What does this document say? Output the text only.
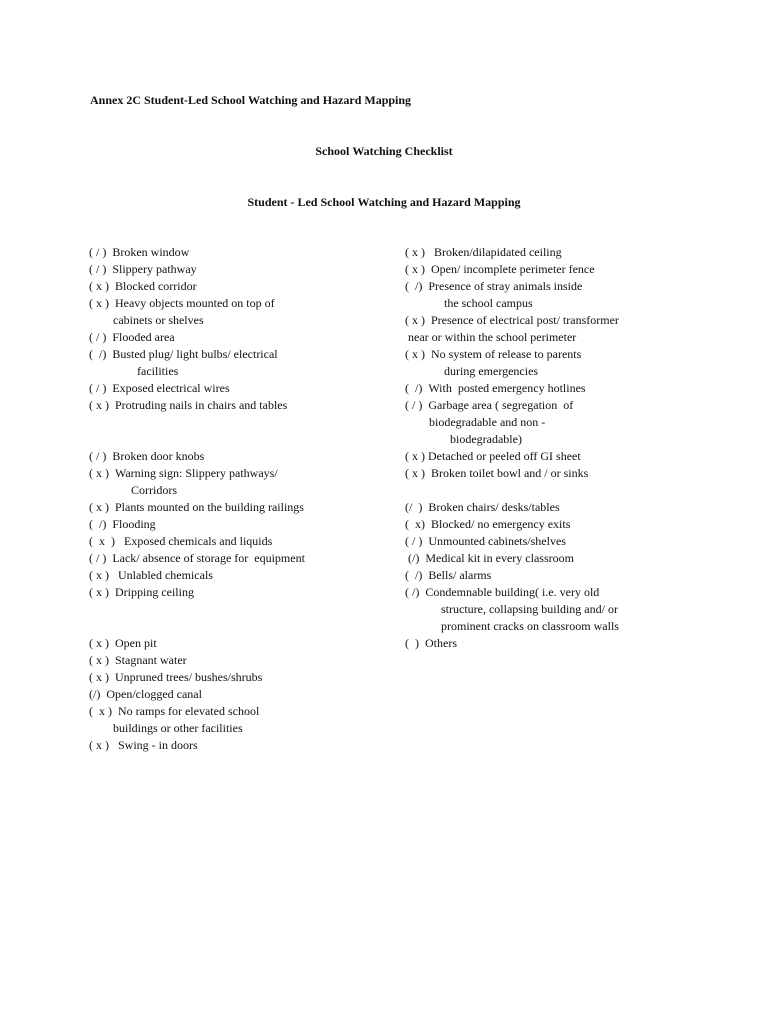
Annex 2C Student-Led School Watching and Hazard Mapping
School Watching Checklist
Student - Led School Watching and Hazard Mapping
( / )  Broken window
( / )  Slippery pathway
( x )  Blocked corridor
( x )  Heavy objects mounted on top of
cabinets or shelves
( / )  Flooded area
(  /)  Busted plug/ light bulbs/ electrical
facilities
( / )  Exposed electrical wires
( x )  Protruding nails in chairs and tables
( / )  Broken door knobs
( x )  Warning sign: Slippery pathways/
Corridors
( x )  Plants mounted on the building railings
(  /)  Flooding
(  x  )   Exposed chemicals and liquids
( / )  Lack/ absence of storage for  equipment
( x )   Unlabled chemicals
( x )  Dripping ceiling
( x )  Open pit
( x )  Stagnant water
( x )  Unpruned trees/ bushes/shrubs
(/)  Open/clogged canal
(  x )  No ramps for elevated school
buildings or other facilities
( x )   Swing - in doors
( x )   Broken/dilapidated ceiling
( x )  Open/ incomplete perimeter fence
(  /)  Presence of stray animals inside
the school campus
( x )  Presence of electrical post/ transformer
near or within the school perimeter
( x )  No system of release to parents
during emergencies
(  /)  With  posted emergency hotlines
( / )  Garbage area ( segregation  of
biodegradable and non -
biodegradable)
( x ) Detached or peeled off GI sheet
( x )  Broken toilet bowl and / or sinks
(/  )  Broken chairs/ desks/tables
(  x)  Blocked/ no emergency exits
( / )  Unmounted cabinets/shelves
(/)  Medical kit in every classroom
(  /)  Bells/ alarms
( /)  Condemnable building( i.e. very old
structure, collapsing building and/ or
prominent cracks on classroom walls
(  )  Others
